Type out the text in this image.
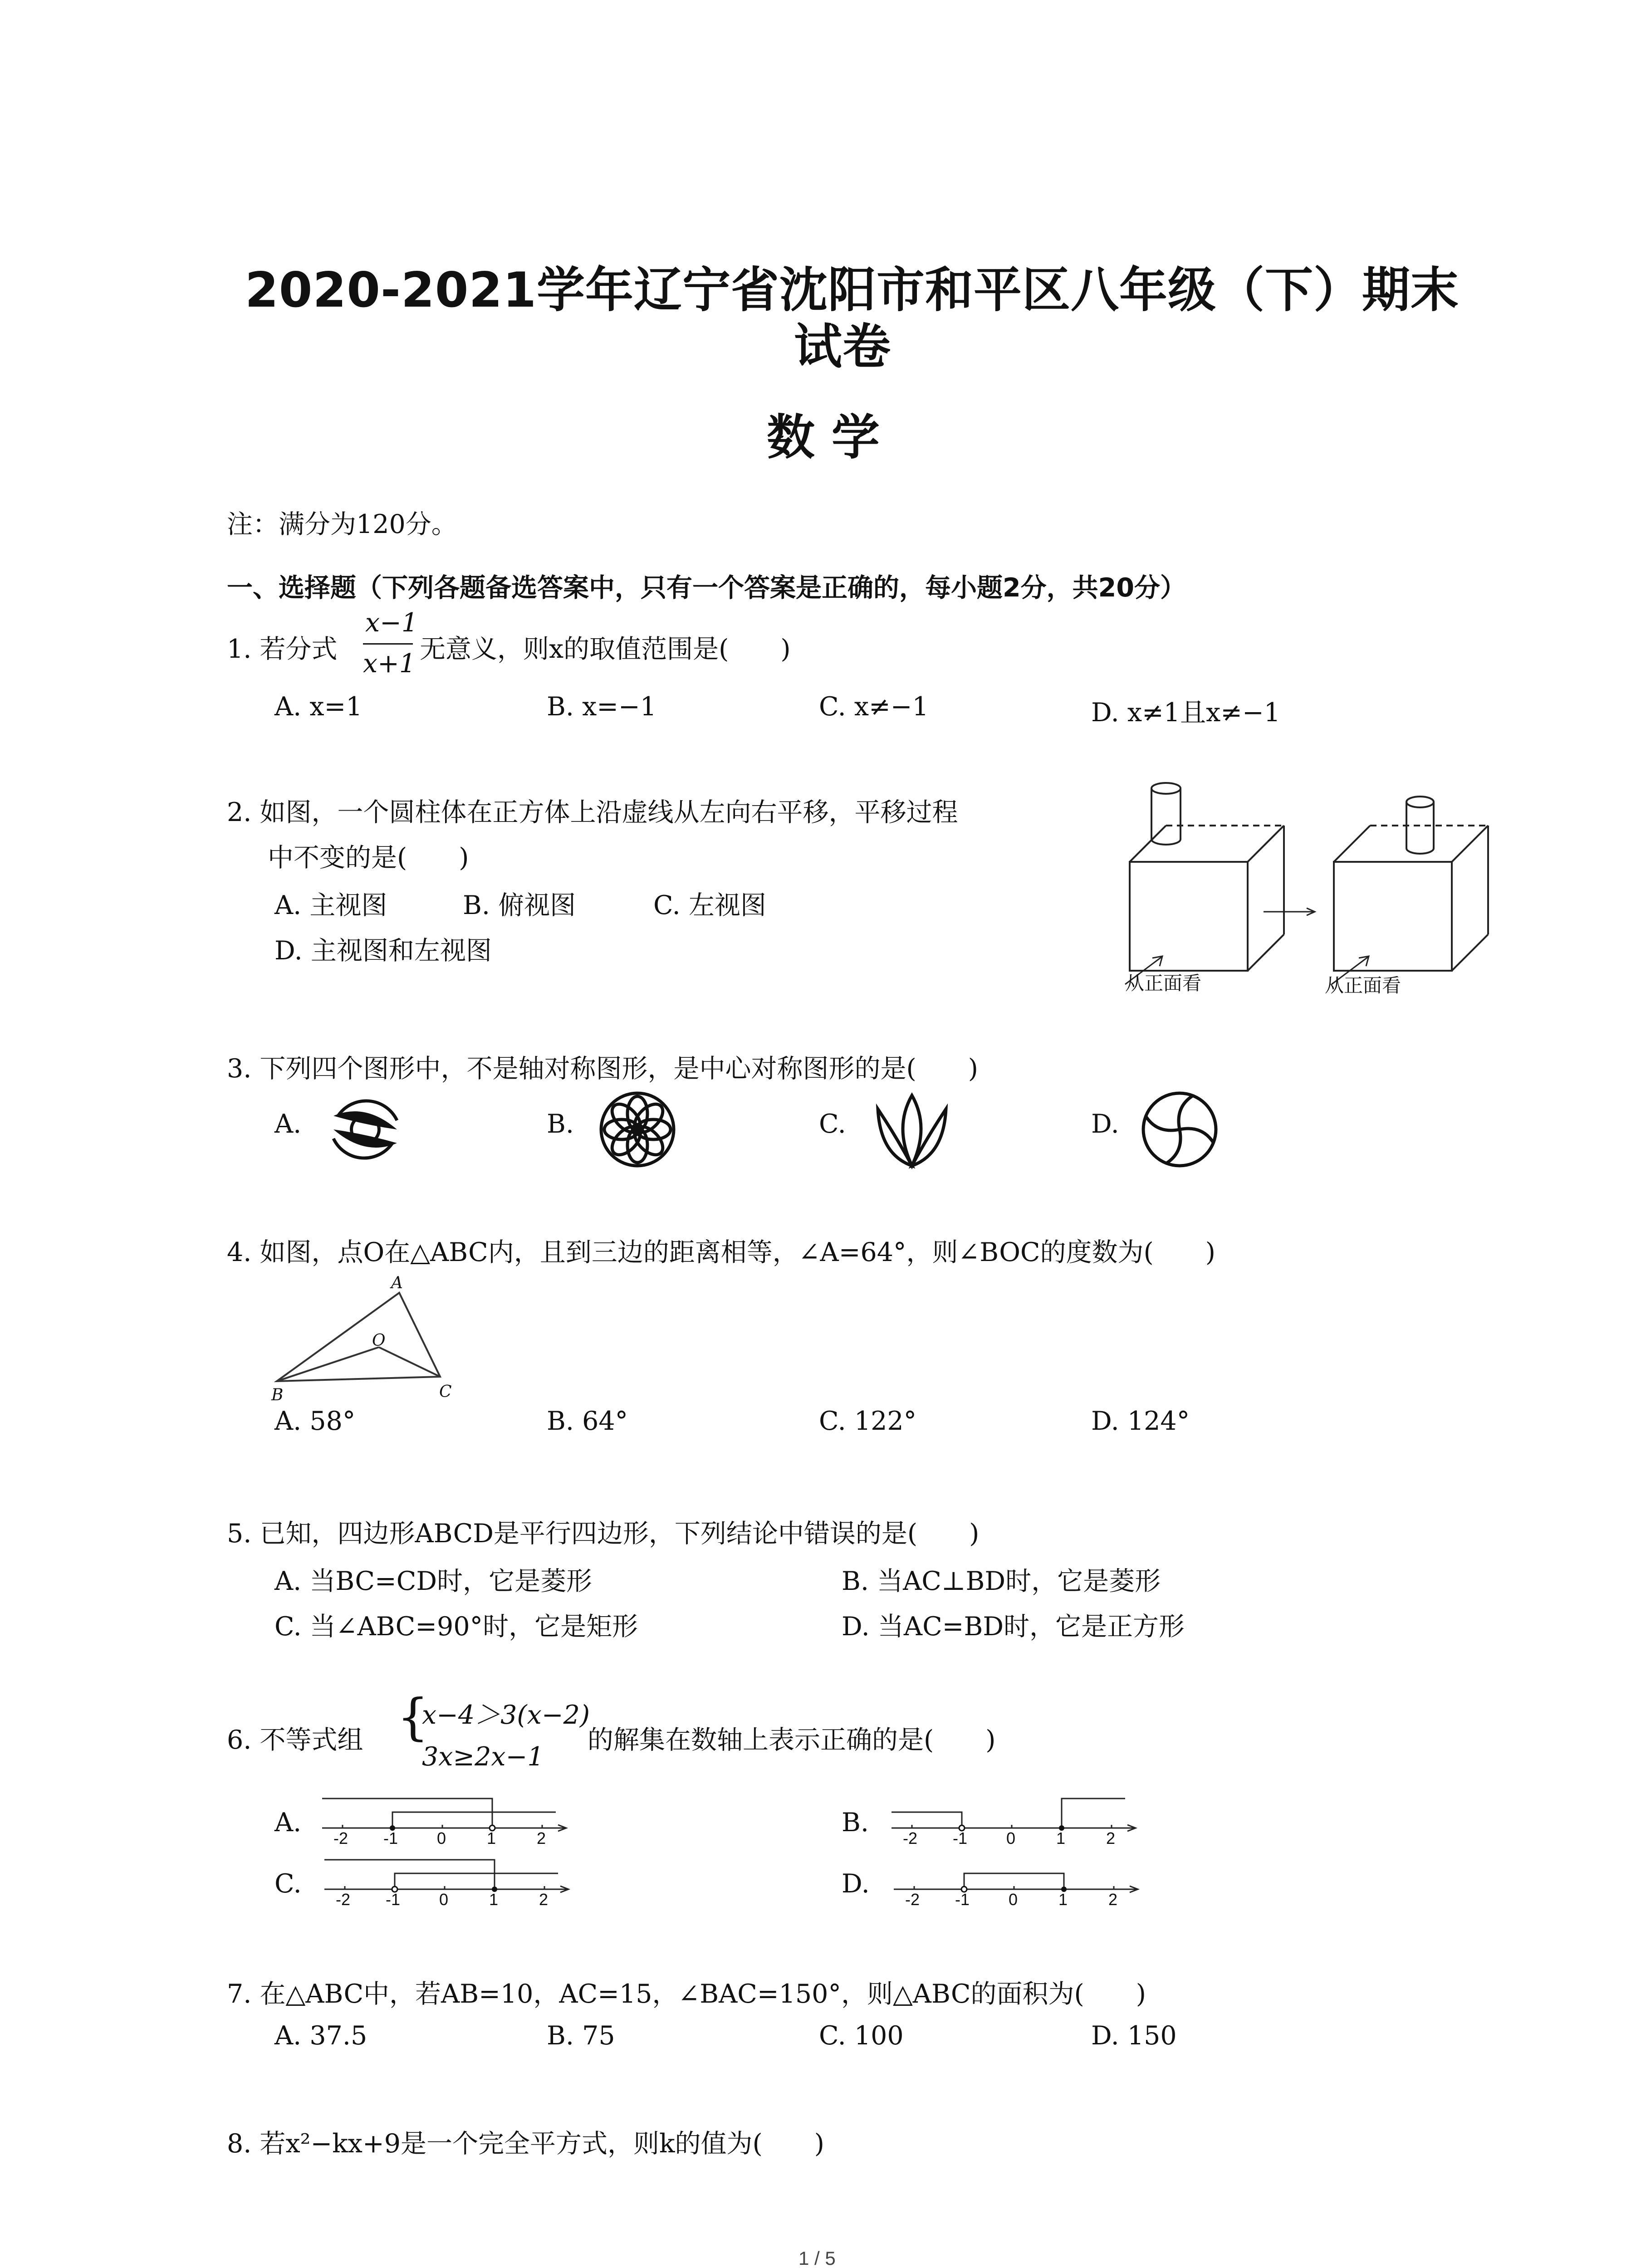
2020-2021学年辽宁省沈阳市和平区八年级（下）期末
试卷
数 学
注：满分为120分。
一、选择题（下列各题备选答案中，只有一个答案是正确的，每小题2分，共20分）
1. 若分式
x−1
x+1 无意义，则x的取值范围是(　　)
A. x=1	B. x=−1	C. x≠−1	D. x≠1且x≠−1
2. 如图，一个圆柱体在正方体上沿虚线从左向右平移，平移过程
中不变的是(　　)
A. 主视图	B. 俯视图	C. 左视图
D. 主视图和左视图
从正面看	从正面看
3. 下列四个图形中，不是轴对称图形，是中心对称图形的是(　　)
A.	B.	C.	D.
4. 如图，点O在△ABC内，且到三边的距离相等，∠A=64°，则∠BOC的度数为(　　)
A
B	C
O
A. 58°	B. 64°	C. 122°	D. 124°
5. 已知，四边形ABCD是平行四边形，下列结论中错误的是(　　)
A. 当BC=CD时，它是菱形	B. 当AC⊥BD时，它是菱形
C. 当∠ABC=90°时，它是矩形	D. 当AC=BD时，它是正方形
6. 不等式组 {
x−4＞3(x−2)
3x≥2x−1
的解集在数轴上表示正确的是(　　)
A.	B.
C.	D.
-2 -1 0 1 2	-2 -1 0 1 2
-2 -1 0 1 2	-2 -1 0 1 2
7. 在△ABC中，若AB=10，AC=15，∠BAC=150°，则△ABC的面积为(　　)
A. 37.5	B. 75	C. 100	D. 150
8. 若x²−kx+9是一个完全平方式，则k的值为(　　)
1 / 5
